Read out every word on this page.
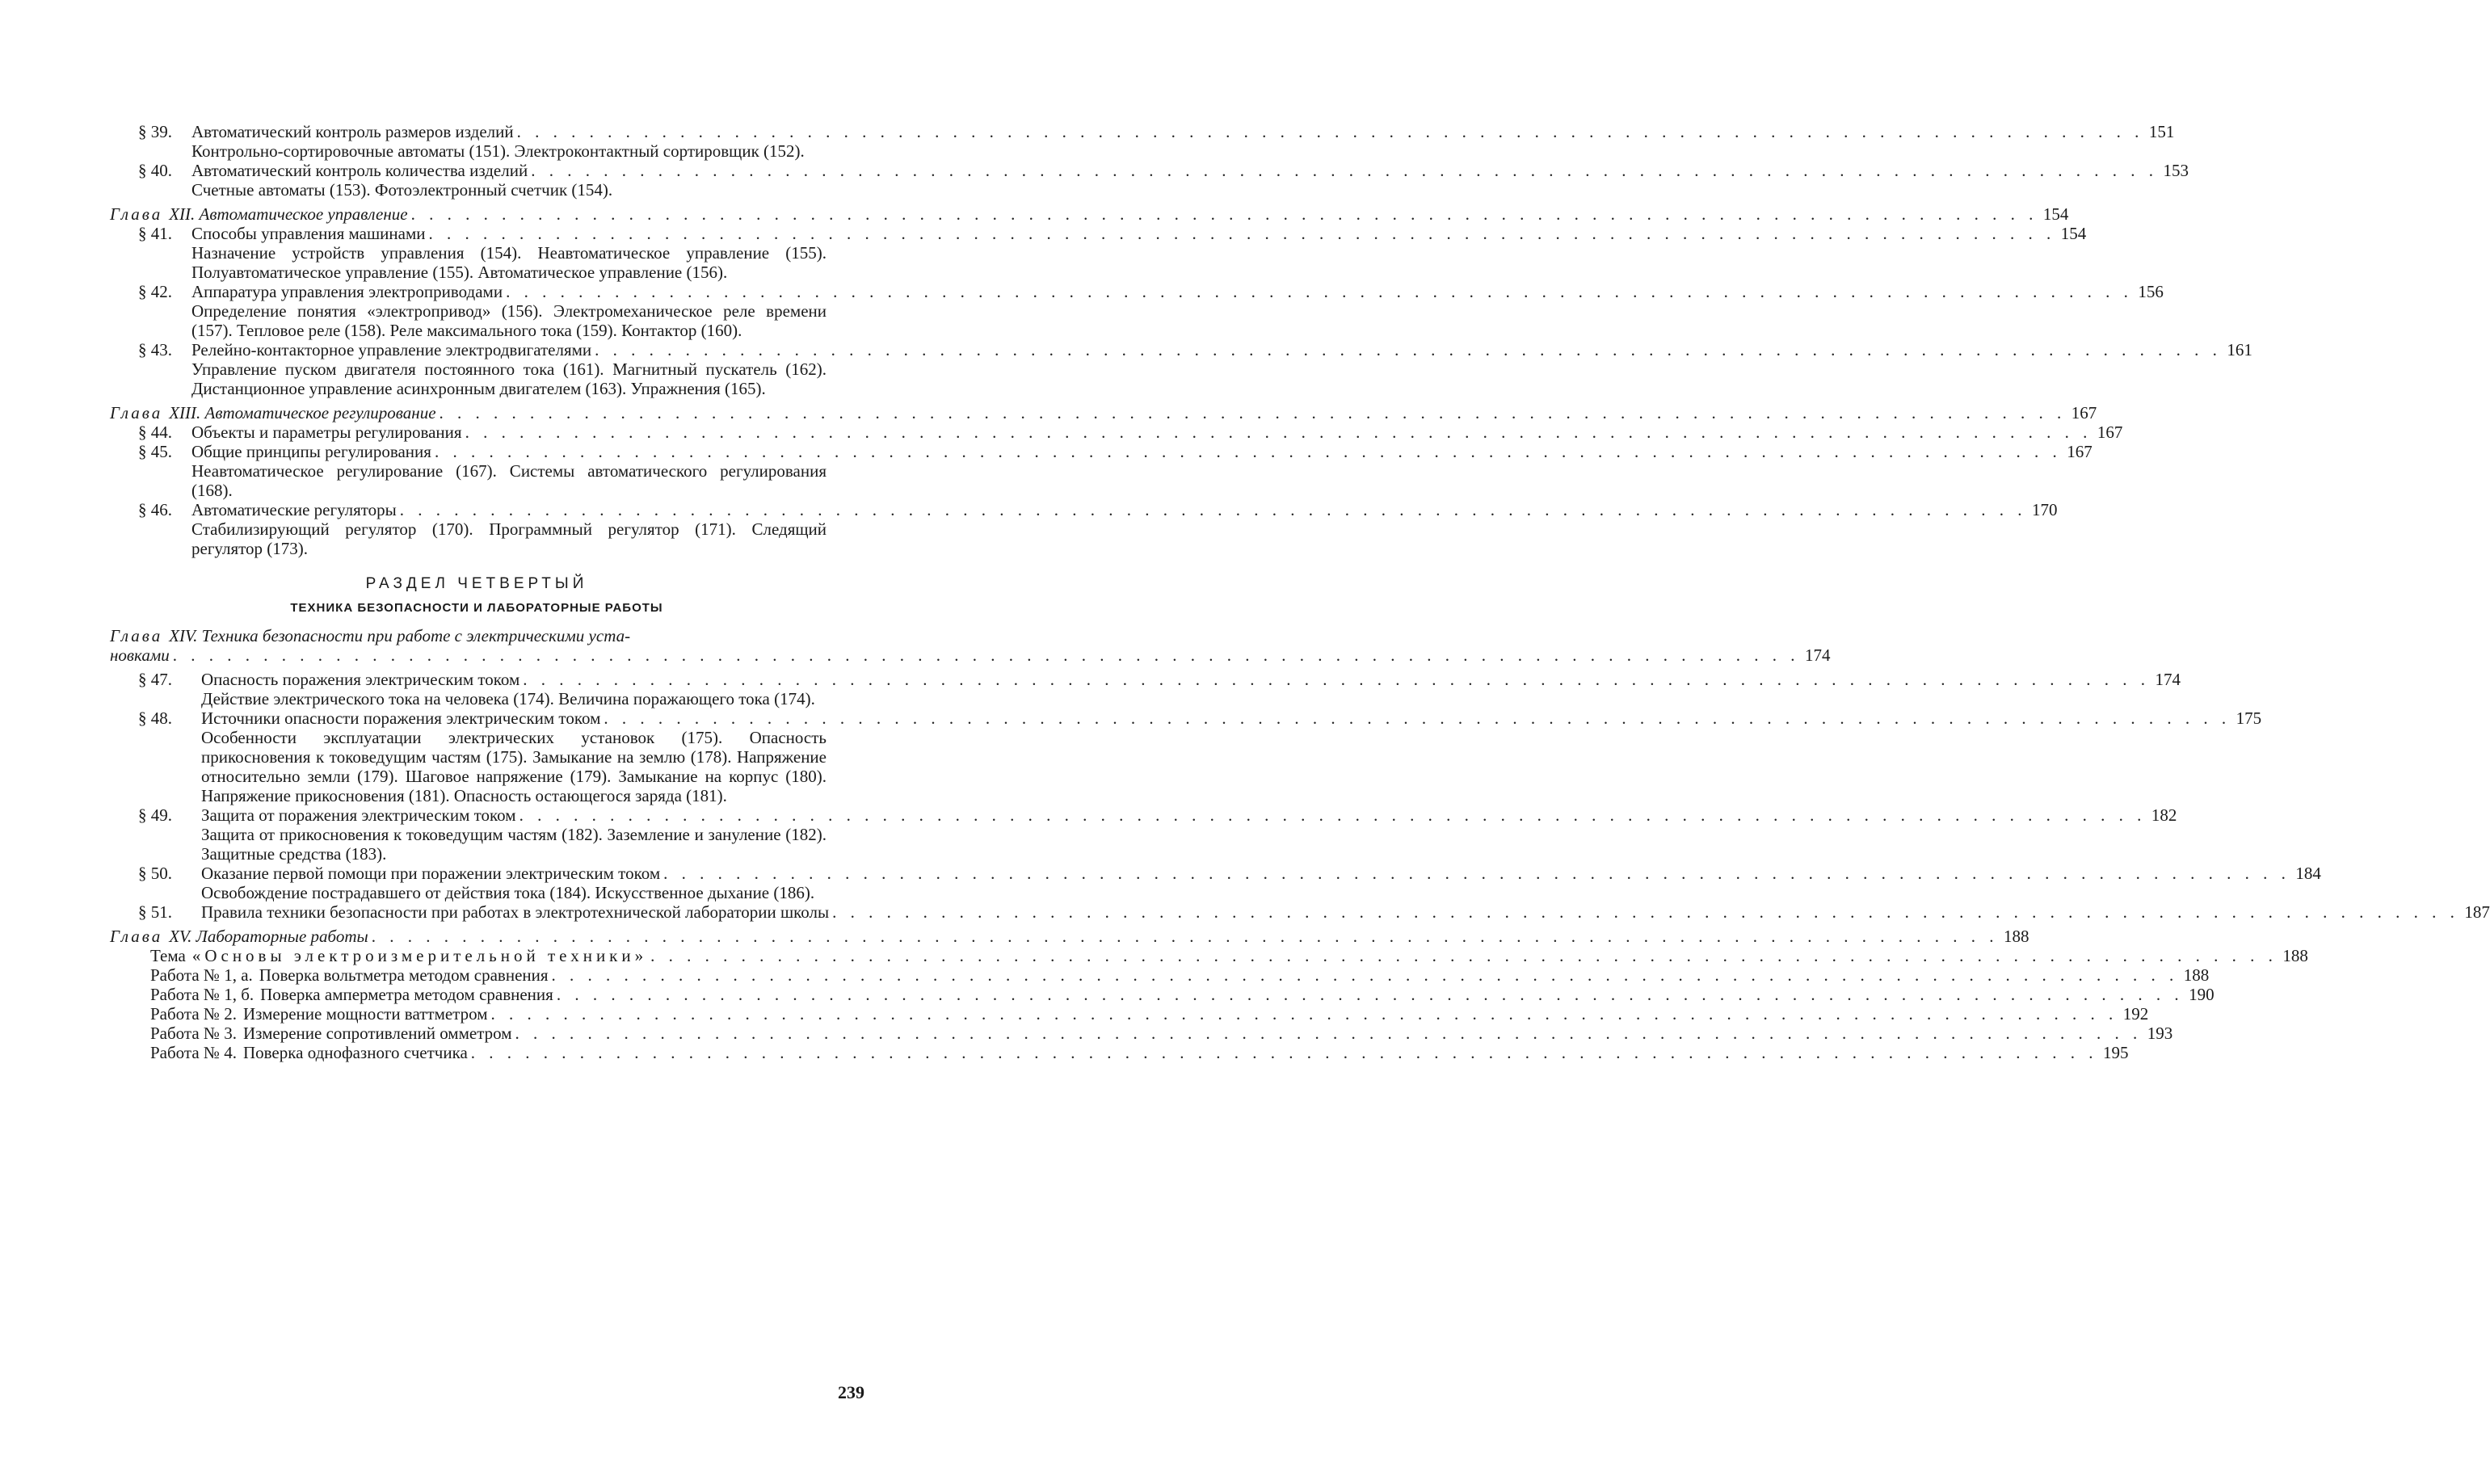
§ 39.	Автоматический контроль размеров изделий . . .	151
Контрольно-сортировочные автоматы (151). Электроконтактный сортировщик (152).
§ 40.	Автоматический контроль количества изделий . . .	153
Счетные автоматы (153). Фотоэлектронный счетчик (154).
Глава XII. Автоматическое управление . . .	154
§ 41.	Способы управления машинами . . .	154
Назначение устройств управления (154). Неавтоматическое управление (155). Полуавтоматическое управление (155). Автоматическое управление (156).
§ 42.	Аппаратура управления электроприводами . . .	156
Определение понятия «электропривод» (156). Электромеханическое реле времени (157). Тепловое реле (158). Реле максимального тока (159). Контактор (160).
§ 43.	Релейно-контакторное управление электродвигателями . . .	161
Управление пуском двигателя постоянного тока (161). Магнитный пускатель (162). Дистанционное управление асинхронным двигателем (163). Упражнения (165).
Глава XIII. Автоматическое регулирование . . .	167
§ 44.	Объекты и параметры регулирования . . .	167
§ 45.	Общие принципы регулирования . . .	167
Неавтоматическое регулирование (167). Системы автоматического регулирования (168).
§ 46.	Автоматические регуляторы . . .	170
Стабилизирующий регулятор (170). Программный регулятор (171). Следящий регулятор (173).
РАЗДЕЛ ЧЕТВЕРТЫЙ
ТЕХНИКА БЕЗОПАСНОСТИ И ЛАБОРАТОРНЫЕ РАБОТЫ
Глава XIV. Техника безопасности при работе с электрическими уста-
новками . . .	174
§ 47.	Опасность поражения электрическим током . . .	174
Действие электрического тока на человека (174). Величина поражающего тока (174).
§ 48.	Источники опасности поражения электрическим током . . .	175
Особенности эксплуатации электрических установок (175). Опасность прикосновения к токоведущим частям (175). Замыкание на землю (178). Напряжение относительно земли (179). Шаговое напряжение (179). Замыкание на корпус (180). Напряжение прикосновения (181). Опасность остающегося заряда (181).
§ 49.	Защита от поражения электрическим током . . .	182
Защита от прикосновения к токоведущим частям (182). Заземление и зануление (182). Защитные средства (183).
§ 50.	Оказание первой помощи при поражении электрическим током . . .	184
Освобождение пострадавшего от действия тока (184). Искусственное дыхание (186).
§ 51.	Правила техники безопасности при работах в электротехнической лаборатории школы . . .	187
Глава XV. Лабораторные работы . . .	188
Тема «Основы электроизмерительной техники» . . .	188
Работа № 1, а. Поверка вольтметра методом сравнения . . .	188
Работа № 1, б. Поверка амперметра методом сравнения . . .	190
Работа № 2. Измерение мощности ваттметром . . .	192
Работа № 3. Измерение сопротивлений омметром . . .	193
Работа № 4. Поверка однофазного счетчика . . .	195
239
